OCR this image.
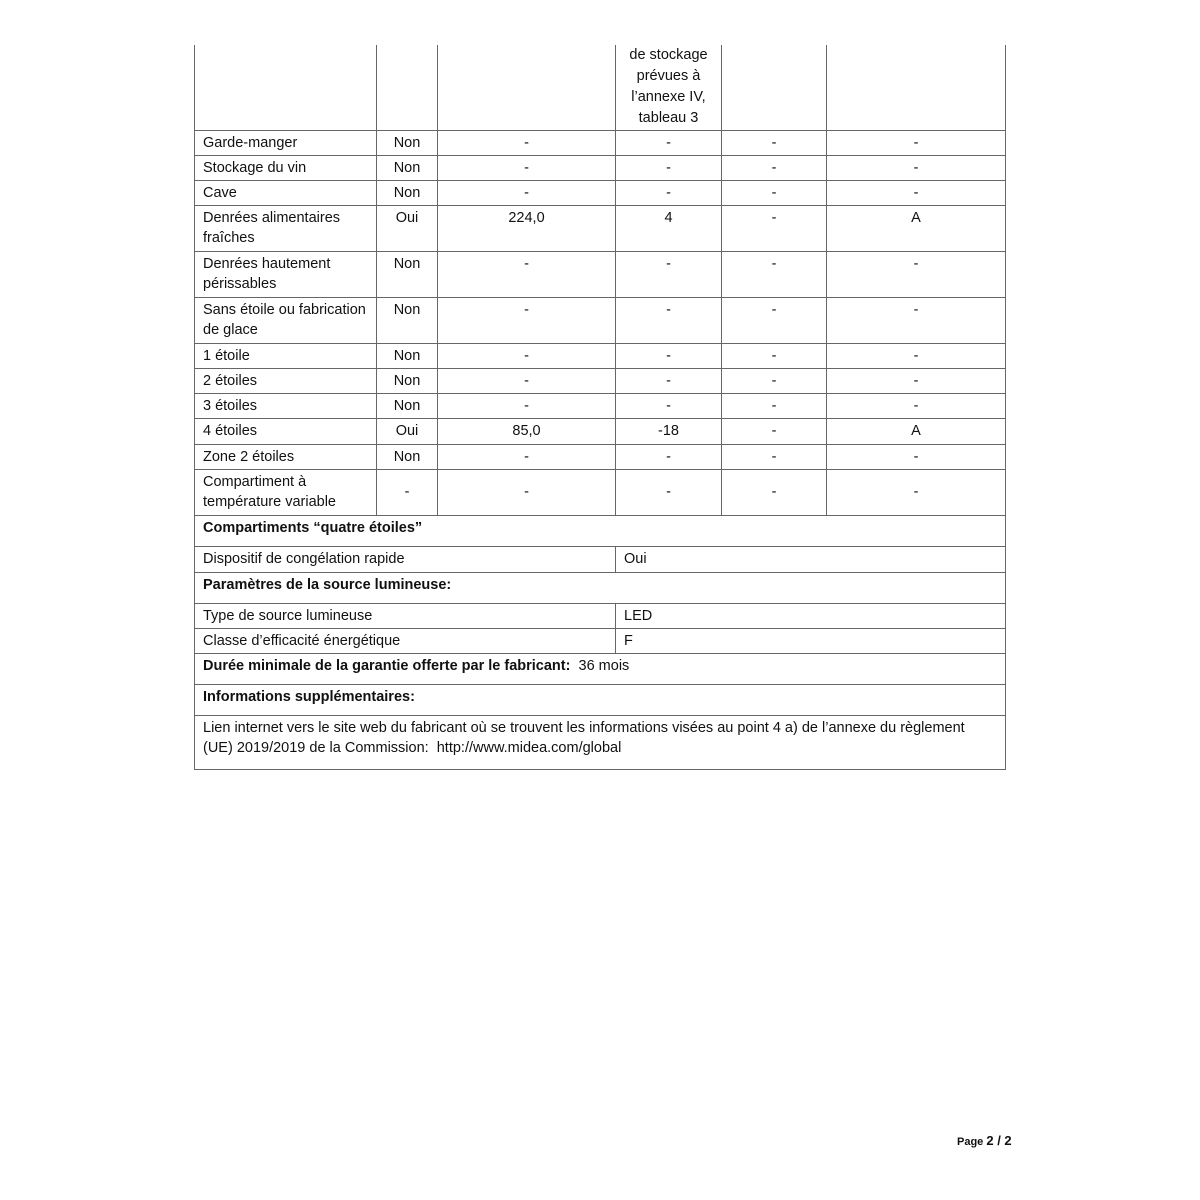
			de stockage prévues à l’annexe IV, tableau 3		
Garde-manger	Non	-	-	-	-
Stockage du vin	Non	-	-	-	-
Cave	Non	-	-	-	-
Denrées alimentaires fraîches	Oui	224,0	4	-	A
Denrées hautement périssables	Non	-	-	-	-
Sans étoile ou fabrication de glace	Non	-	-	-	-
1 étoile	Non	-	-	-	-
2 étoiles	Non	-	-	-	-
3 étoiles	Non	-	-	-	-
4 étoiles	Oui	85,0	-18	-	A
Zone 2 étoiles	Non	-	-	-	-
Compartiment à température variable	-	-	-	-	-
Compartiments “quatre étoiles”					
Dispositif de congélation rapide			Oui		
Paramètres de la source lumineuse:					
Type de source lumineuse			LED		
Classe d’efficacité énergétique			F		
Durée minimale de la garantie offerte par le fabricant: 36 mois					
Informations supplémentaires:					
Lien internet vers le site web du fabricant où se trouvent les informations visées au point 4 a) de l’annexe du règlement (UE) 2019/2019 de la Commission: http://www.midea.com/global					
Page 2 / 2
